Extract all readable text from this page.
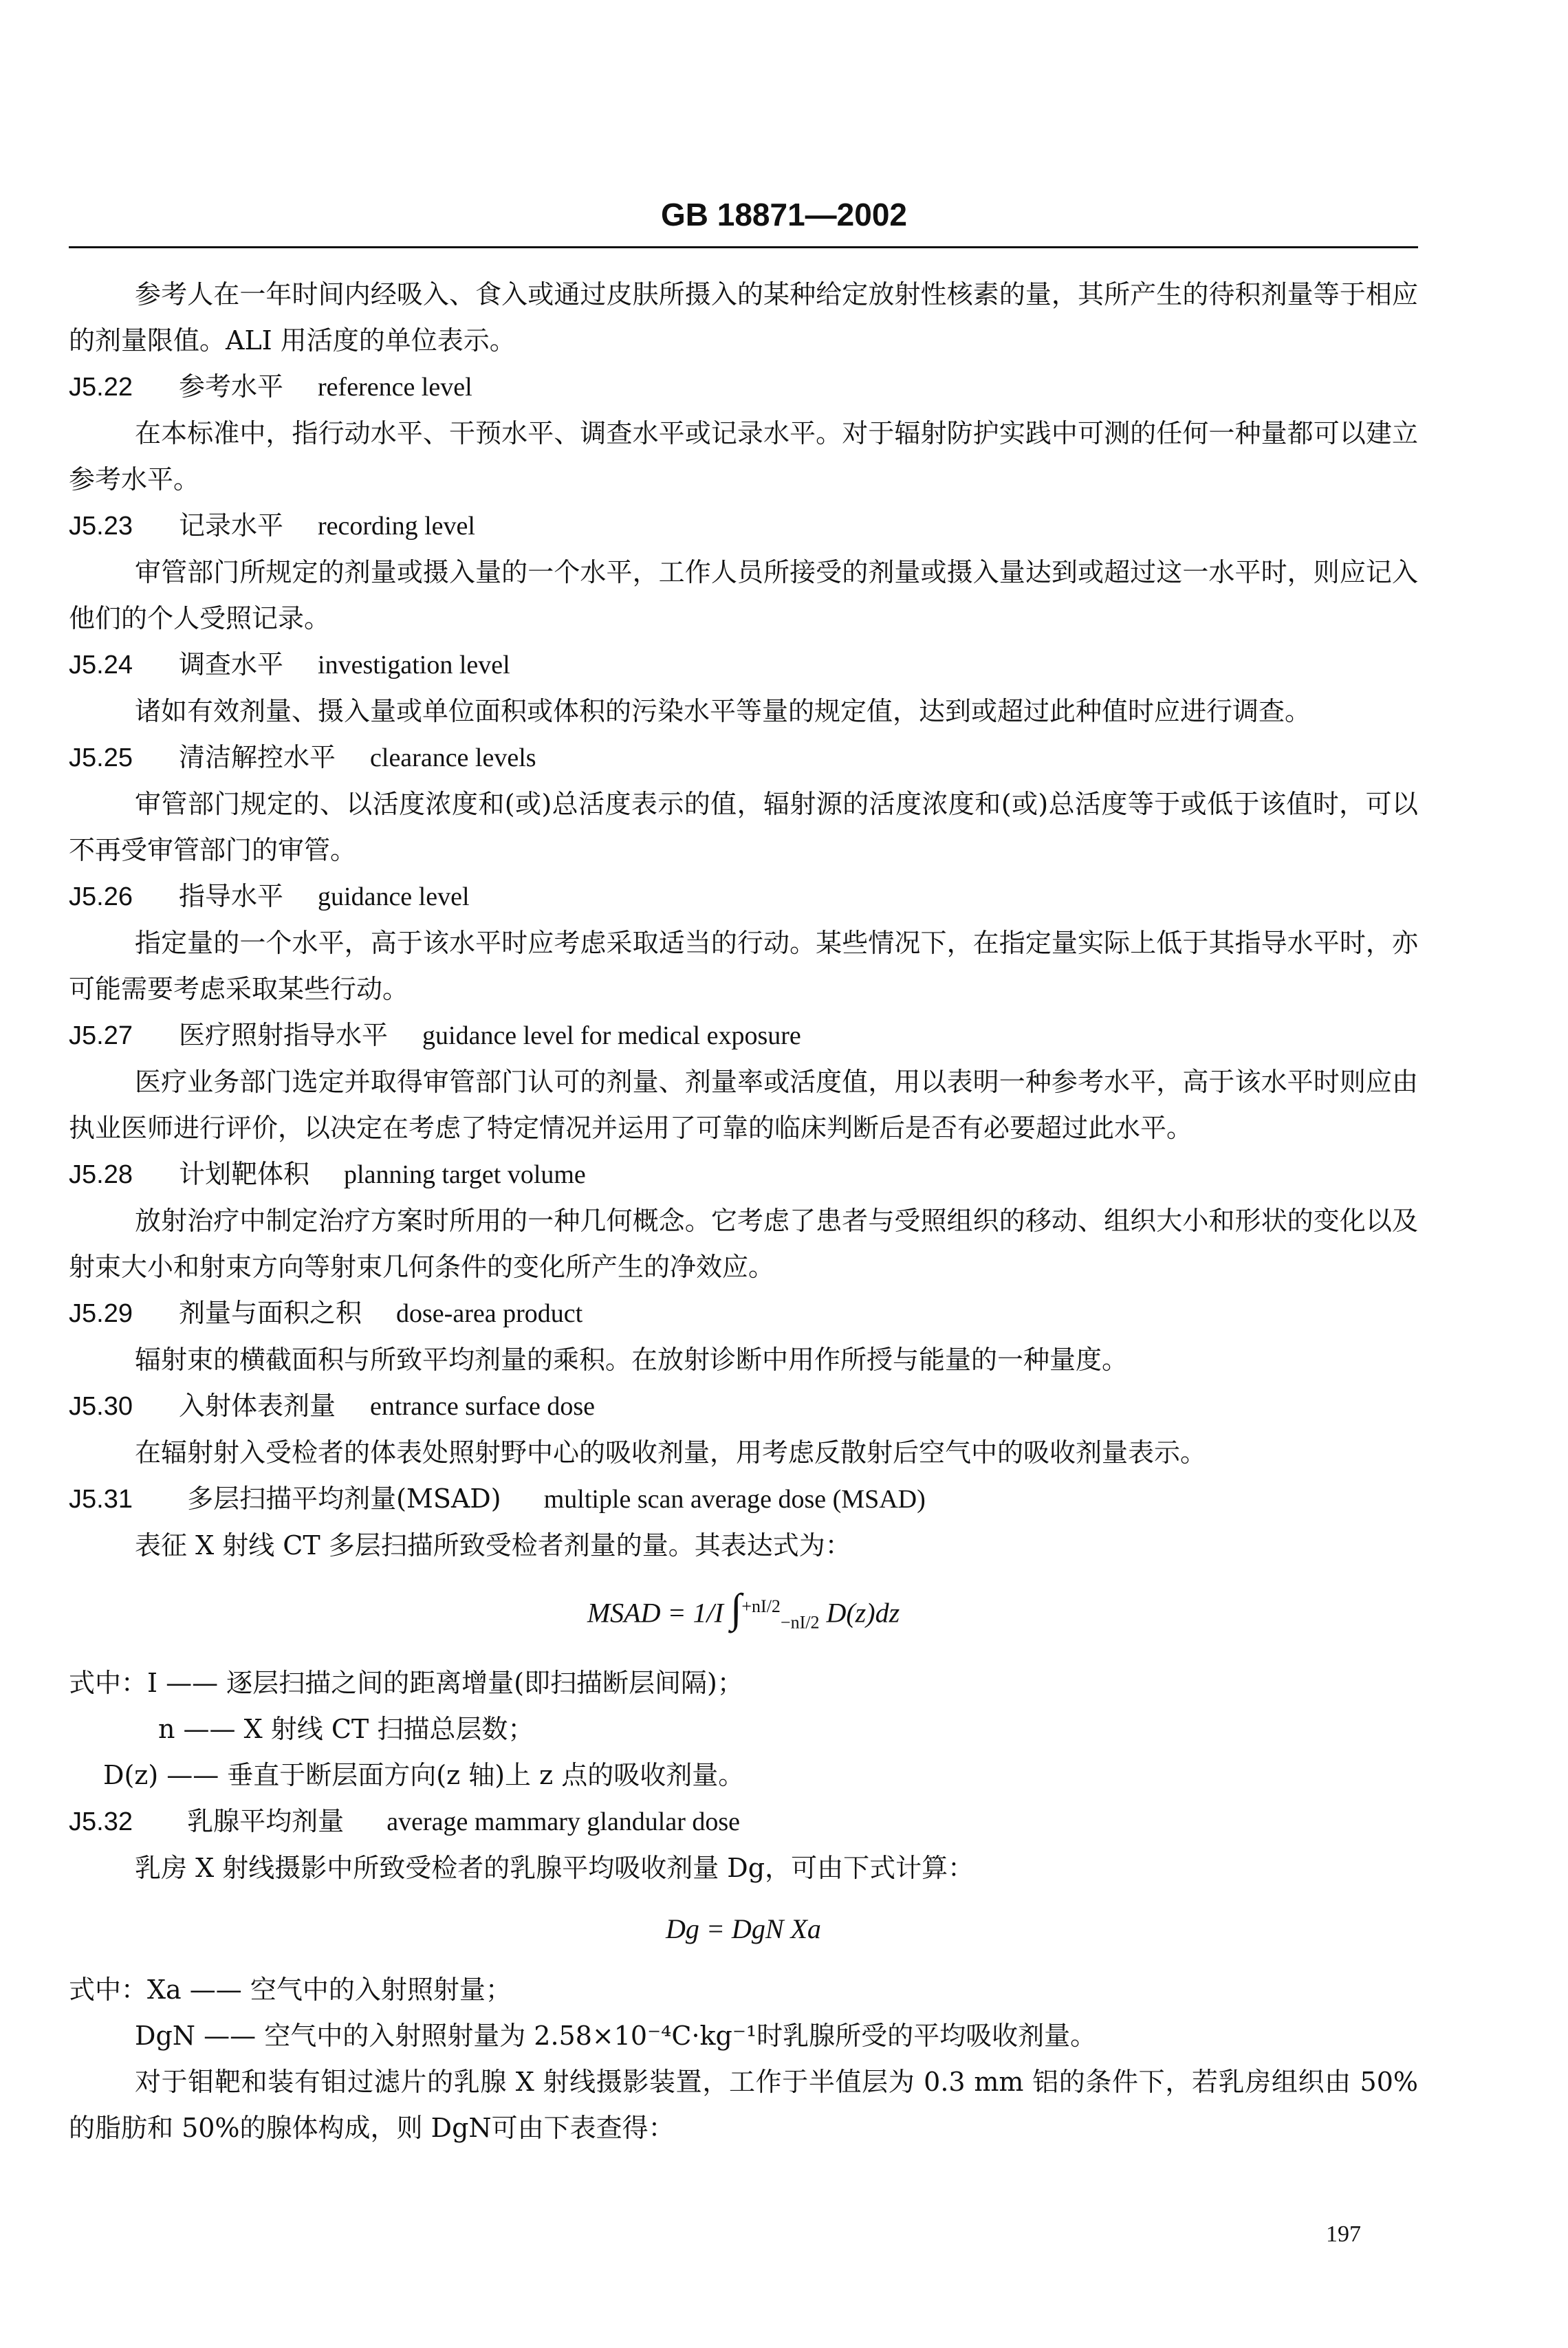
GB 18871—2002

参考人在一年时间内经吸入、食入或通过皮肤所摄入的某种给定放射性核素的量，其所产生的待积剂量等于相应的剂量限值。ALI 用活度的单位表示。

J5.22 参考水平 reference level

在本标准中，指行动水平、干预水平、调查水平或记录水平。对于辐射防护实践中可测的任何一种量都可以建立参考水平。

J5.23 记录水平 recording level

审管部门所规定的剂量或摄入量的一个水平，工作人员所接受的剂量或摄入量达到或超过这一水平时，则应记入他们的个人受照记录。

J5.24 调查水平 investigation level

诸如有效剂量、摄入量或单位面积或体积的污染水平等量的规定值，达到或超过此种值时应进行调查。

J5.25 清洁解控水平 clearance levels

审管部门规定的、以活度浓度和(或)总活度表示的值，辐射源的活度浓度和(或)总活度等于或低于该值时，可以不再受审管部门的审管。

J5.26 指导水平 guidance level

指定量的一个水平，高于该水平时应考虑采取适当的行动。某些情况下，在指定量实际上低于其指导水平时，亦可能需要考虑采取某些行动。

J5.27 医疗照射指导水平 guidance level for medical exposure

医疗业务部门选定并取得审管部门认可的剂量、剂量率或活度值，用以表明一种参考水平，高于该水平时则应由执业医师进行评价，以决定在考虑了特定情况并运用了可靠的临床判断后是否有必要超过此水平。

J5.28 计划靶体积 planning target volume

放射治疗中制定治疗方案时所用的一种几何概念。它考虑了患者与受照组织的移动、组织大小和形状的变化以及射束大小和射束方向等射束几何条件的变化所产生的净效应。

J5.29 剂量与面积之积 dose-area product

辐射束的横截面积与所致平均剂量的乘积。在放射诊断中用作所授与能量的一种量度。

J5.30 入射体表剂量 entrance surface dose

在辐射射入受检者的体表处照射野中心的吸收剂量，用考虑反散射后空气中的吸收剂量表示。

J5.31 多层扫描平均剂量(MSAD) multiple scan average dose (MSAD)

表征 X 射线 CT 多层扫描所致受检者剂量的量。其表达式为：

MSAD = 1/I ∫$^{+nI/2}_{-nI/2}$ D(z)dz

式中：I —— 逐层扫描之间的距离增量(即扫描断层间隔)；

n —— X 射线 CT 扫描总层数；

D(z) —— 垂直于断层面方向(z 轴)上 z 点的吸收剂量。

J5.32 乳腺平均剂量 average mammary glandular dose

乳房 X 射线摄影中所致受检者的乳腺平均吸收剂量 Dg，可由下式计算：

Dg = DgN Xa

式中：Xa —— 空气中的入射照射量；

DgN —— 空气中的入射照射量为 2.58×10⁻⁴C·kg⁻¹时乳腺所受的平均吸收剂量。

对于钼靶和装有钼过滤片的乳腺 X 射线摄影装置，工作于半值层为 0.3 mm 铝的条件下，若乳房组织由 50%的脂肪和 50%的腺体构成，则 DgN可由下表查得：

197
